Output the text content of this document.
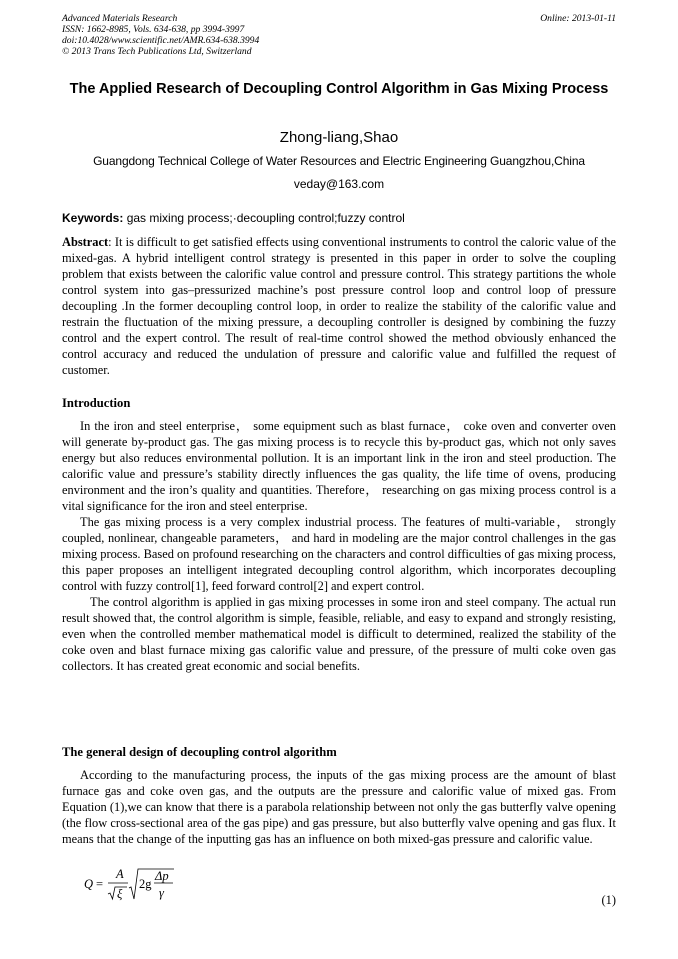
Advanced Materials Research
ISSN: 1662-8985, Vols. 634-638, pp 3994-3997
doi:10.4028/www.scientific.net/AMR.634-638.3994
© 2013 Trans Tech Publications Ltd, Switzerland
Online: 2013-01-11
The Applied Research of Decoupling Control Algorithm in Gas Mixing Process
Zhong-liang,Shao
Guangdong Technical College of Water Resources and Electric Engineering Guangzhou,China
veday@163.com
Keywords: gas mixing process;·decoupling control;fuzzy control
Abstract: It is difficult to get satisfied effects using conventional instruments to control the caloric value of the mixed-gas. A hybrid intelligent control strategy is presented in this paper in order to solve the coupling problem that exists between the calorific value control and pressure control. This strategy partitions the whole control system into gas–pressurized machine’s post pressure control loop and control loop of pressure decoupling .In the former decoupling control loop, in order to realize the stability of the calorific value and restrain the fluctuation of the mixing pressure, a decoupling controller is designed by combining the fuzzy control and the expert control. The result of real-time control showed the method obviously enhanced the control accuracy and reduced the undulation of pressure and calorific value and fulfilled the request of customer.
Introduction

In the iron and steel enterprise， some equipment such as blast furnace， coke oven and converter oven will generate by-product gas. The gas mixing process is to recycle this by-product gas, which not only saves energy but also reduces environmental pollution. It is an important link in the iron and steel production. The calorific value and pressure’s stability directly influences the gas quality, the life time of ovens, producing environment and the iron’s quality and quantities. Therefore， researching on gas mixing process control is a vital significance for the iron and steel enterprise.

The gas mixing process is a very complex industrial process. The features of multi-variable， strongly coupled, nonlinear, changeable parameters， and hard in modeling are the major control challenges in the gas mixing process. Based on profound researching on the characters and control difficulties of gas mixing process, this paper proposes an intelligent integrated decoupling control algorithm, which incorporates decoupling control with fuzzy control[1], feed forward control[2] and expert control.

The control algorithm is applied in gas mixing processes in some iron and steel company. The actual run result showed that, the control algorithm is simple, feasible, reliable, and easy to expand and strongly resisting, even when the controlled member mathematical model is difficult to determined, realized the stability of the coke oven and blast furnace mixing gas calorific value and pressure, of the pressure of multi coke oven gas collectors. It has created great economic and social benefits.

The general design of decoupling control algorithm

According to the manufacturing process, the inputs of the gas mixing process are the amount of blast furnace gas and coke oven gas, and the outputs are the pressure and calorific value of mixed gas. From Equation (1),we can know that there is a parabola relationship between not only the gas butterfly valve opening (the flow cross-sectional area of the gas pipe) and gas pressure, but also butterfly valve opening and gas flux. It means that the change of the inputting gas has an influence on both mixed-gas pressure and calorific value.

Q =
A
ξ
2g
Δp
γ	(1)
